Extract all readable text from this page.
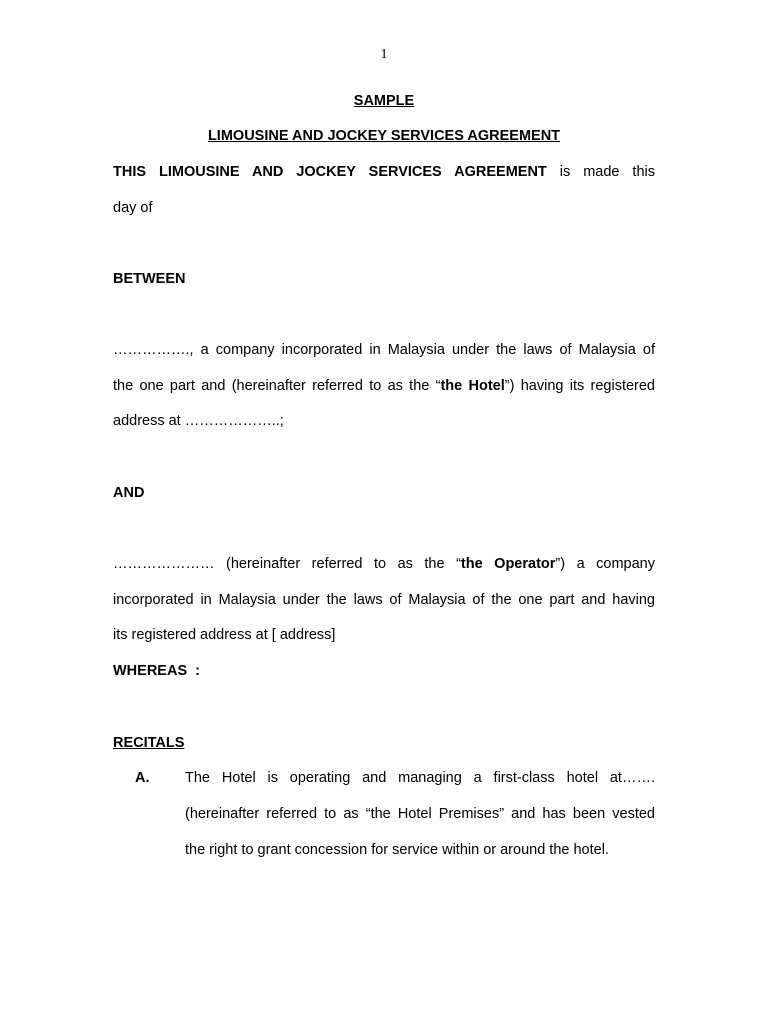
1
SAMPLE
LIMOUSINE AND JOCKEY SERVICES AGREEMENT
THIS LIMOUSINE AND JOCKEY SERVICES AGREEMENT is made this
day of
BETWEEN
……………., a company incorporated in Malaysia under the laws of Malaysia of
the one part and (hereinafter referred to as the “the Hotel”) having its registered
address at ………………..;
AND
………………… (hereinafter referred to as the “the Operator”) a company
incorporated in Malaysia under the laws of Malaysia of the one part and having
its registered address at [ address]
WHEREAS  :
RECITALS
A. The Hotel is operating and managing a first-class hotel at…….
(hereinafter referred to as “the Hotel Premises” and has been vested
the right to grant concession for service within or around the hotel.
